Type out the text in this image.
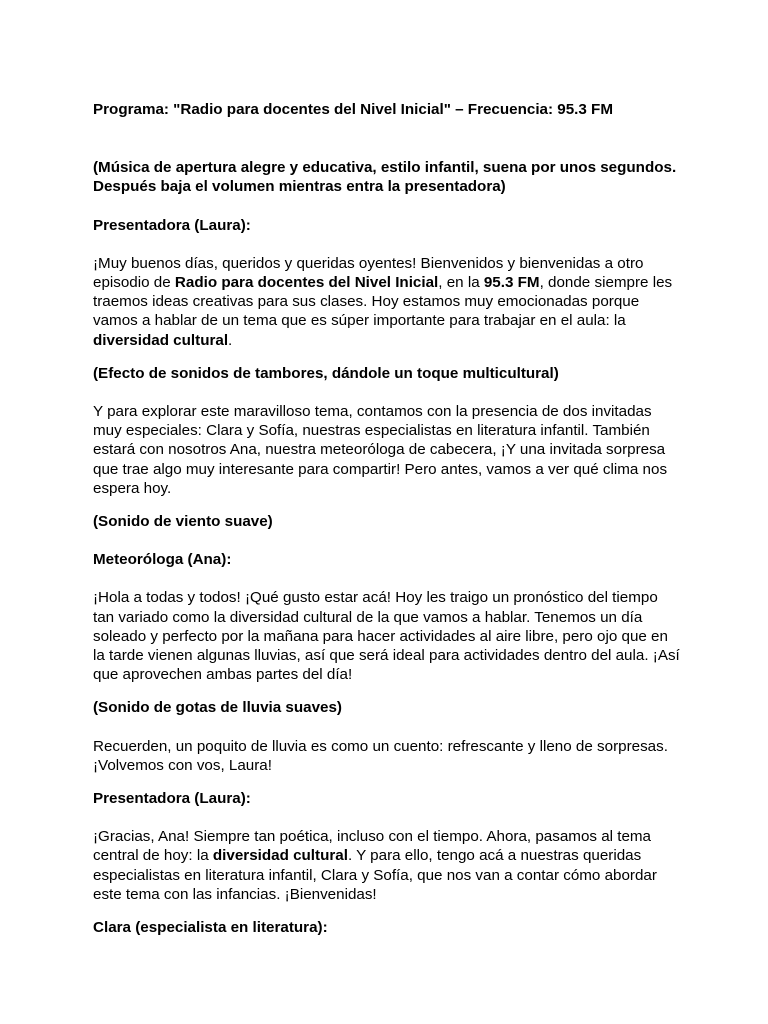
Programa: "Radio para docentes del Nivel Inicial" – Frecuencia: 95.3 FM

(Música de apertura alegre y educativa, estilo infantil, suena por unos segundos. Después baja el volumen mientras entra la presentadora)

Presentadora (Laura):

¡Muy buenos días, queridos y queridas oyentes! Bienvenidos y bienvenidas a otro episodio de Radio para docentes del Nivel Inicial, en la 95.3 FM, donde siempre les traemos ideas creativas para sus clases. Hoy estamos muy emocionadas porque vamos a hablar de un tema que es súper importante para trabajar en el aula: la diversidad cultural.

(Efecto de sonidos de tambores, dándole un toque multicultural)

Y para explorar este maravilloso tema, contamos con la presencia de dos invitadas muy especiales: Clara y Sofía, nuestras especialistas en literatura infantil. También estará con nosotros Ana, nuestra meteoróloga de cabecera, ¡Y una invitada sorpresa que trae algo muy interesante para compartir! Pero antes, vamos a ver qué clima nos espera hoy.

(Sonido de viento suave)

Meteoróloga (Ana):

¡Hola a todas y todos! ¡Qué gusto estar acá! Hoy les traigo un pronóstico del tiempo tan variado como la diversidad cultural de la que vamos a hablar. Tenemos un día soleado y perfecto por la mañana para hacer actividades al aire libre, pero ojo que en la tarde vienen algunas lluvias, así que será ideal para actividades dentro del aula. ¡Así que aprovechen ambas partes del día!

(Sonido de gotas de lluvia suaves)

Recuerden, un poquito de lluvia es como un cuento: refrescante y lleno de sorpresas. ¡Volvemos con vos, Laura!

Presentadora (Laura):

¡Gracias, Ana! Siempre tan poética, incluso con el tiempo. Ahora, pasamos al tema central de hoy: la diversidad cultural. Y para ello, tengo acá a nuestras queridas especialistas en literatura infantil, Clara y Sofía, que nos van a contar cómo abordar este tema con las infancias. ¡Bienvenidas!

Clara (especialista en literatura):
